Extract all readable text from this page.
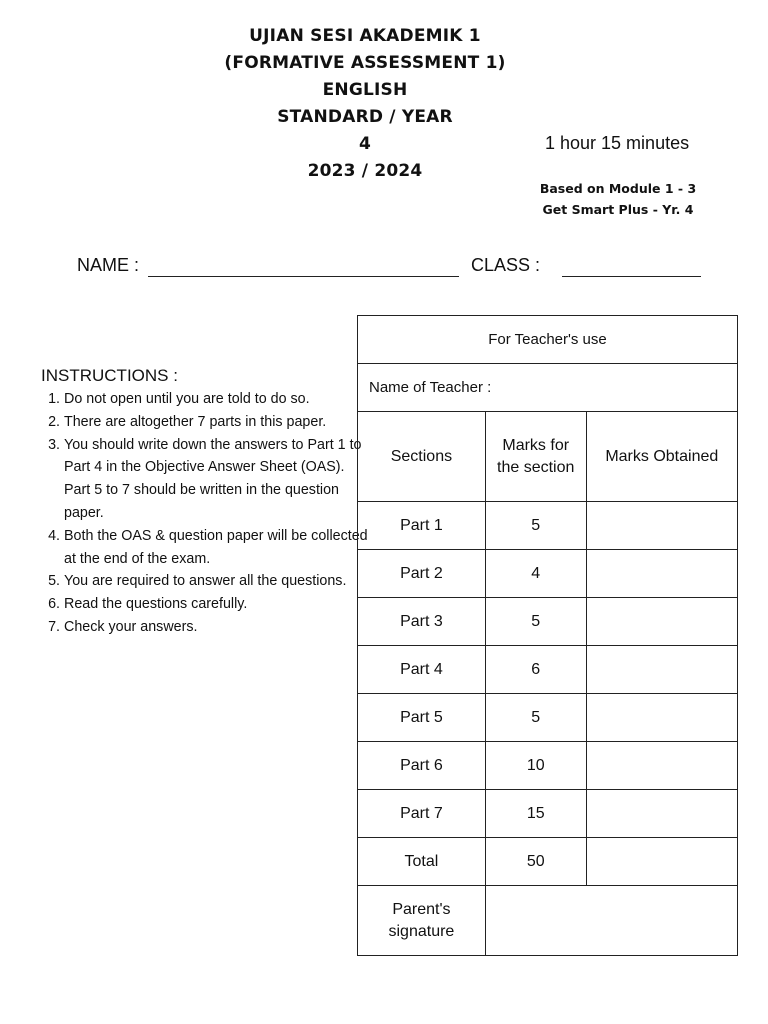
UJIAN SESI AKADEMIK 1
(FORMATIVE ASSESSMENT 1)
ENGLISH
STANDARD / YEAR
4
2023 / 2024
1 hour 15 minutes
Based on Module 1 - 3
Get Smart Plus - Yr. 4
NAME :	CLASS :
INSTRUCTIONS :
1. Do not open until you are told to do so.
2. There are altogether 7 parts in this paper.
3. You should write down the answers to Part 1 to Part 4 in the Objective Answer Sheet (OAS). Part 5 to 7 should be written in the question paper.
4. Both the OAS & question paper will be collected at the end of the exam.
5. You are required to answer all the questions.
6. Read the questions carefully.
7. Check your answers.
For Teacher's use		
Name of Teacher :		
Sections	Marks for the section	Marks Obtained
Part 1	5	
Part 2	4	
Part 3	5	
Part 4	6	
Part 5	5	
Part 6	10	
Part 7	15	
Total	50	
Parent's signature		
